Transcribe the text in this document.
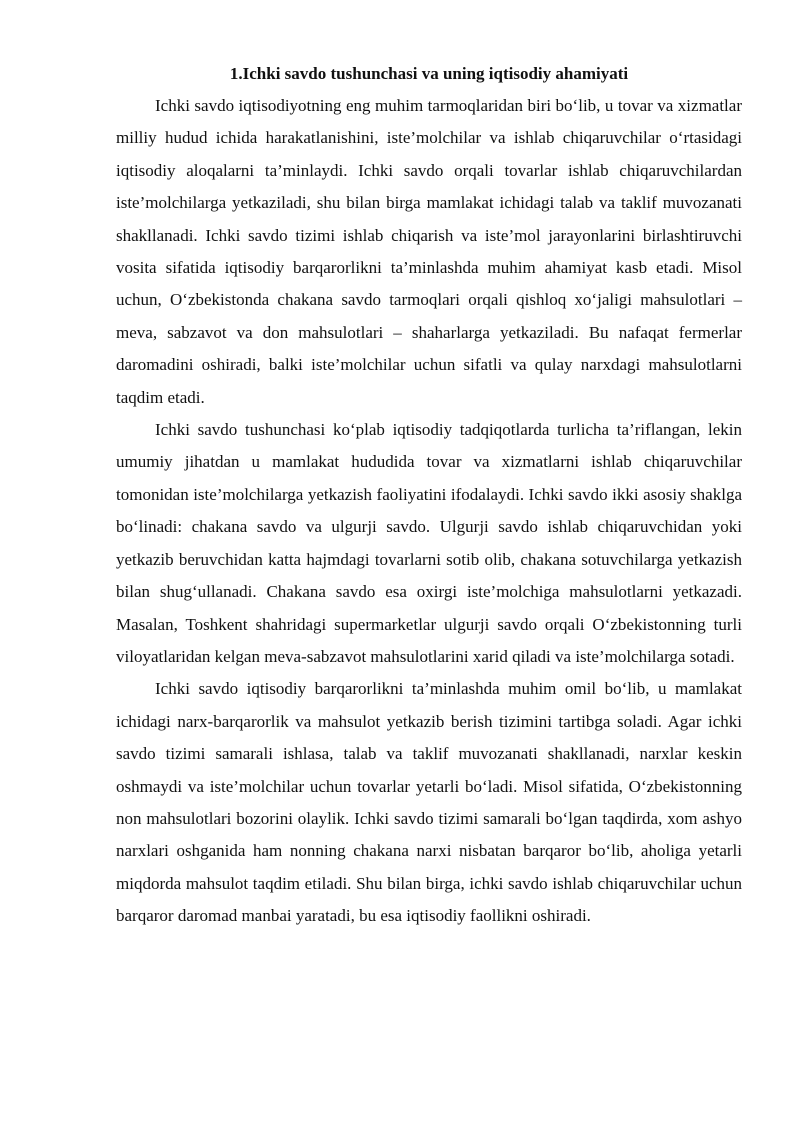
1.Ichki savdo tushunchasi va uning iqtisodiy ahamiyati

Ichki savdo iqtisodiyotning eng muhim tarmoqlaridan biri bo‘lib, u tovar va xizmatlar milliy hudud ichida harakatlanishini, iste’molchilar va ishlab chiqaruvchilar o‘rtasidagi iqtisodiy aloqalarni ta’minlaydi. Ichki savdo orqali tovarlar ishlab chiqaruvchilardan iste’molchilarga yetkaziladi, shu bilan birga mamlakat ichidagi talab va taklif muvozanati shakllanadi. Ichki savdo tizimi ishlab chiqarish va iste’mol jarayonlarini birlashtiruvchi vosita sifatida iqtisodiy barqarorlikni ta’minlashda muhim ahamiyat kasb etadi. Misol uchun, O‘zbekistonda chakana savdo tarmoqlari orqali qishloq xo‘jaligi mahsulotlari – meva, sabzavot va don mahsulotlari – shaharlarga yetkaziladi. Bu nafaqat fermerlar daromadini oshiradi, balki iste’molchilar uchun sifatli va qulay narxdagi mahsulotlarni taqdim etadi.

Ichki savdo tushunchasi ko‘plab iqtisodiy tadqiqotlarda turlicha ta’riflangan, lekin umumiy jihatdan u mamlakat hududida tovar va xizmatlarni ishlab chiqaruvchilar tomonidan iste’molchilarga yetkazish faoliyatini ifodalaydi. Ichki savdo ikki asosiy shaklga bo‘linadi: chakana savdo va ulgurji savdo. Ulgurji savdo ishlab chiqaruvchidan yoki yetkazib beruvchidan katta hajmdagi tovarlarni sotib olib, chakana sotuvchilarga yetkazish bilan shug‘ullanadi. Chakana savdo esa oxirgi iste’molchiga mahsulotlarni yetkazadi. Masalan, Toshkent shahridagi supermarketlar ulgurji savdo orqali O‘zbekistonning turli viloyatlaridan kelgan meva-sabzavot mahsulotlarini xarid qiladi va iste’molchilarga sotadi.

Ichki savdo iqtisodiy barqarorlikni ta’minlashda muhim omil bo‘lib, u mamlakat ichidagi narx-barqarorlik va mahsulot yetkazib berish tizimini tartibga soladi. Agar ichki savdo tizimi samarali ishlasa, talab va taklif muvozanati shakllanadi, narxlar keskin oshmaydi va iste’molchilar uchun tovarlar yetarli bo‘ladi. Misol sifatida, O‘zbekistonning non mahsulotlari bozorini olaylik. Ichki savdo tizimi samarali bo‘lgan taqdirda, xom ashyo narxlari oshganida ham nonning chakana narxi nisbatan barqaror bo‘lib, aholiga yetarli miqdorda mahsulot taqdim etiladi. Shu bilan birga, ichki savdo ishlab chiqaruvchilar uchun barqaror daromad manbai yaratadi, bu esa iqtisodiy faollikni oshiradi.
